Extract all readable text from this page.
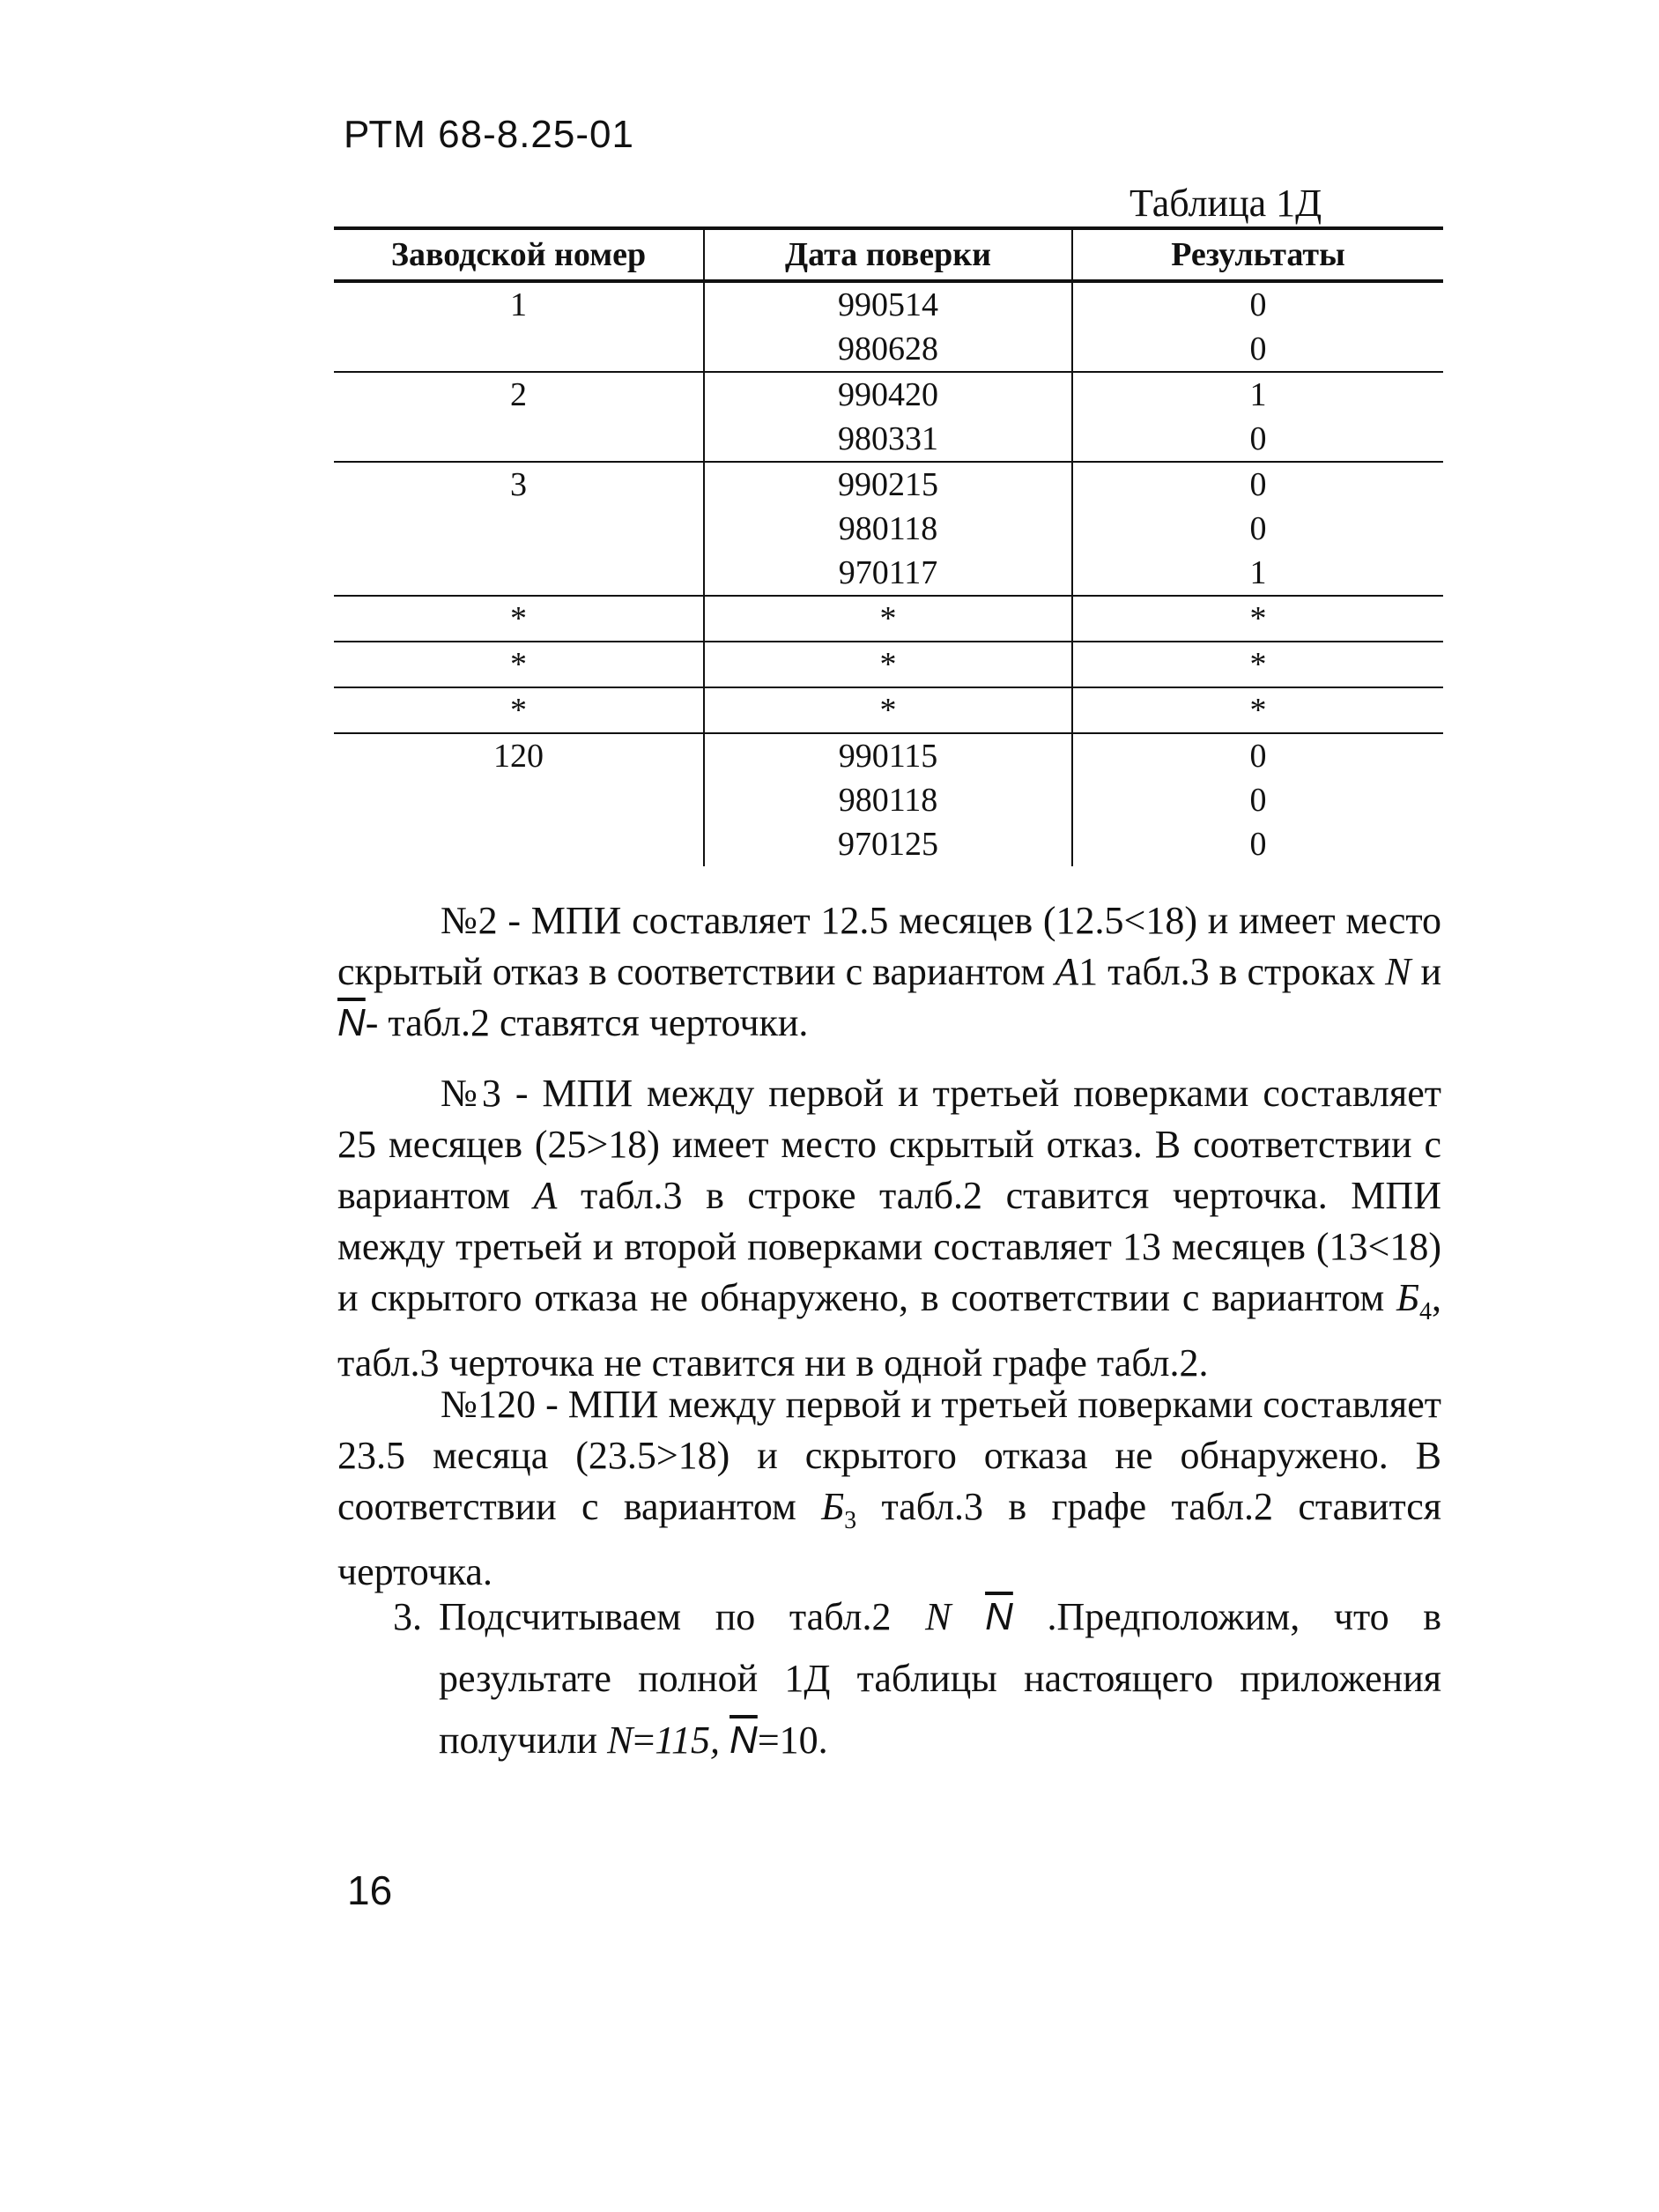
РТМ 68-8.25-01
Таблица 1Д
Заводской номер	Дата поверки	Результаты
1	990514	0
	980628	0
2	990420	1
	980331	0
3	990215	0
	980118	0
	970117	1
*	*	*
*	*	*
*	*	*
120	990115	0
	980118	0
	970125	0

№2 - МПИ составляет 12.5 месяцев (12.5<18) и имеет место скрытый отказ в соответствии с вариантом А1 табл.3 в строках N и $\overline{N}-$ табл.2 ставятся черточки.

№3 - МПИ между первой и третьей поверками составляет 25 месяцев (25>18) имеет место скрытый отказ. В соответствии с вариантом А табл.3 в строке талб.2 ставится черточка. МПИ между третьей и второй поверками составляет 13 месяцев (13<18) и скрытого отказа не обнаружено, в соответствии с вариантом $Б_4$, табл.3 черточка не ставится ни в одной графе табл.2.

№120 - МПИ между первой и третьей поверками составляет 23.5 месяца (23.5>18) и скрытого отказа не обнаружено. В соответствии с вариантом $Б_3$ табл.3 в графе табл.2 ставится черточка.

3. Подсчитываем по табл.2 N $\overline{N}$ .Предположим, что в результате полной 1Д таблицы настоящего приложения получили N=115, $\overline{N}=10$.

16
